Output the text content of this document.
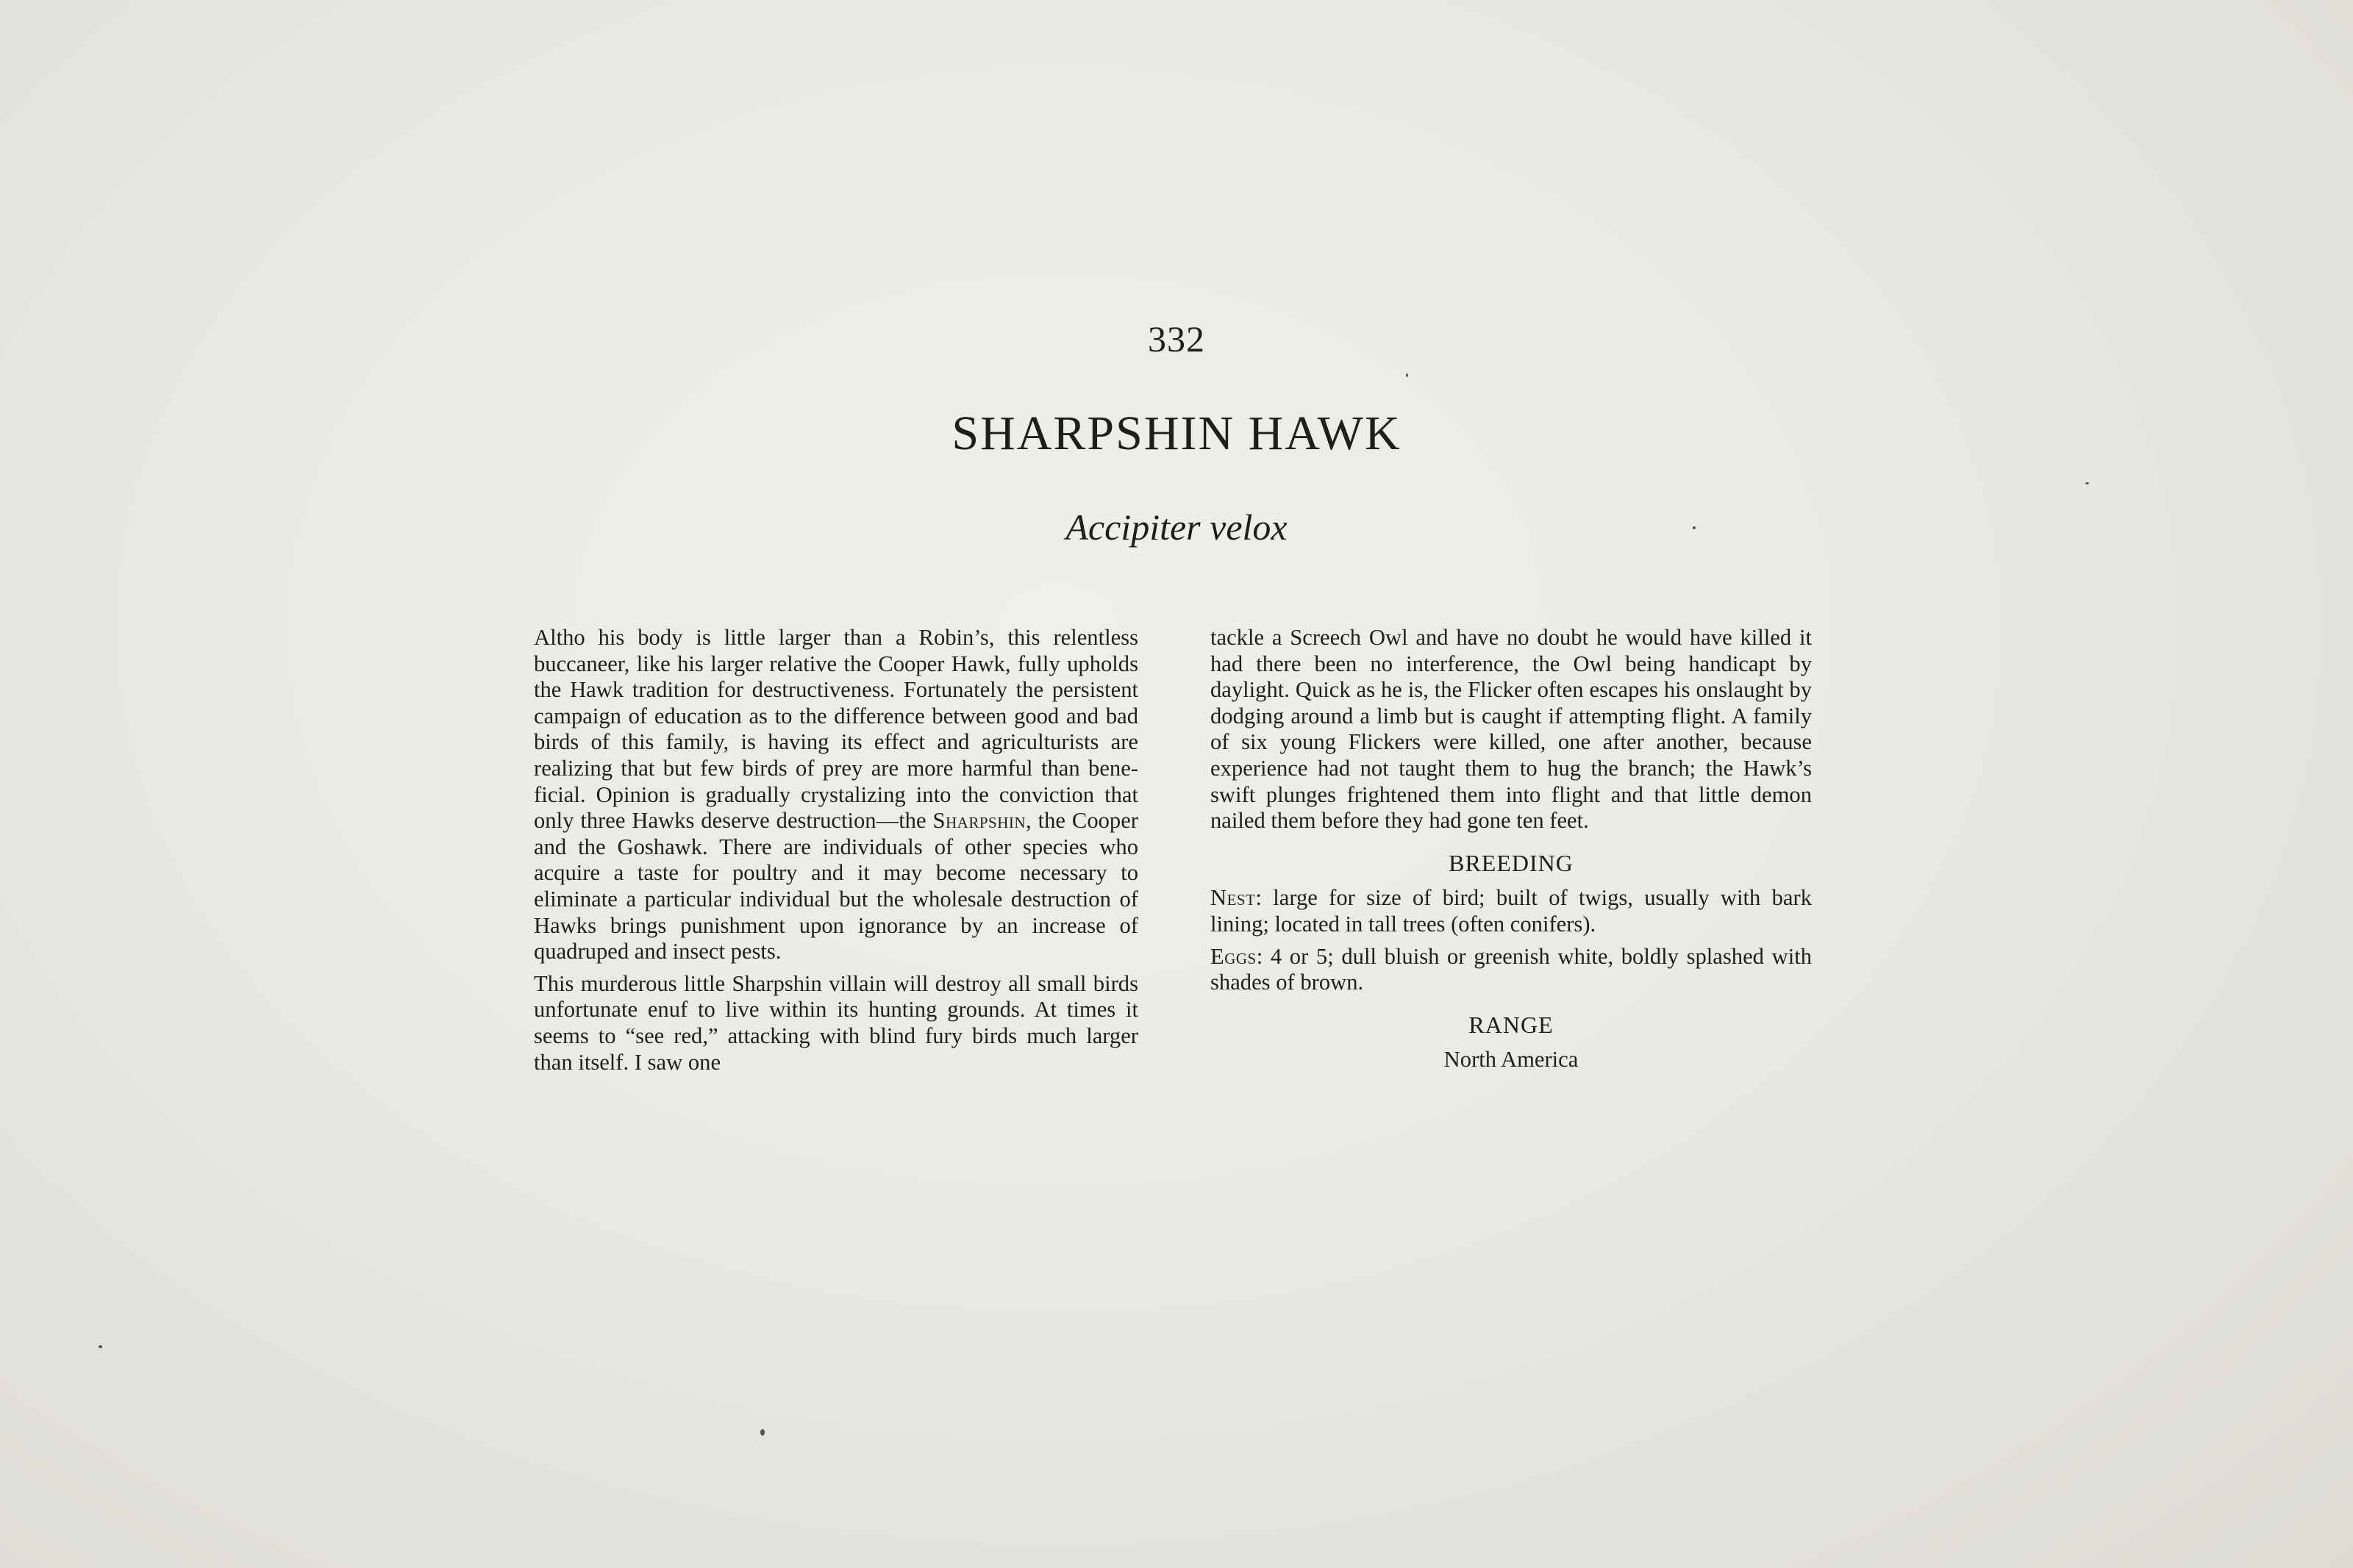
332
SHARPSHIN HAWK
Accipiter velox

Altho his body is little larger than a Robin’s, this relentless buccaneer, like his larger relative the Cooper Hawk, fully upholds the Hawk tradition for destructiveness. Fortunately the persistent campaign of education as to the difference between good and bad birds of this family, is having its effect and agriculturists are realizing that but few birds of prey are more harmful than beneficial. Opinion is gradually crystalizing into the conviction that only three Hawks deserve destruction—the Sharpshin, the Cooper and the Goshawk. There are individuals of other species who acquire a taste for poultry and it may become necessary to eliminate a particular individual but the wholesale destruction of Hawks brings punishment upon ignorance by an increase of quadruped and insect pests.

This murderous little Sharpshin villain will destroy all small birds unfortunate enuf to live within its hunting grounds. At times it seems to “see red,” attacking with blind fury birds much larger than itself. I saw one

tackle a Screech Owl and have no doubt he would have killed it had there been no interference, the Owl being handicapt by daylight. Quick as he is, the Flicker often escapes his onslaught by dodging around a limb but is caught if attempting flight. A family of six young Flickers were killed, one after another, because experience had not taught them to hug the branch; the Hawk’s swift plunges frightened them into flight and that little demon nailed them before they had gone ten feet.

BREEDING

Nest: large for size of bird; built of twigs, usually with bark lining; located in tall trees (often conifers).

Eggs: 4 or 5; dull bluish or greenish white, boldly splashed with shades of brown.

RANGE

North America
